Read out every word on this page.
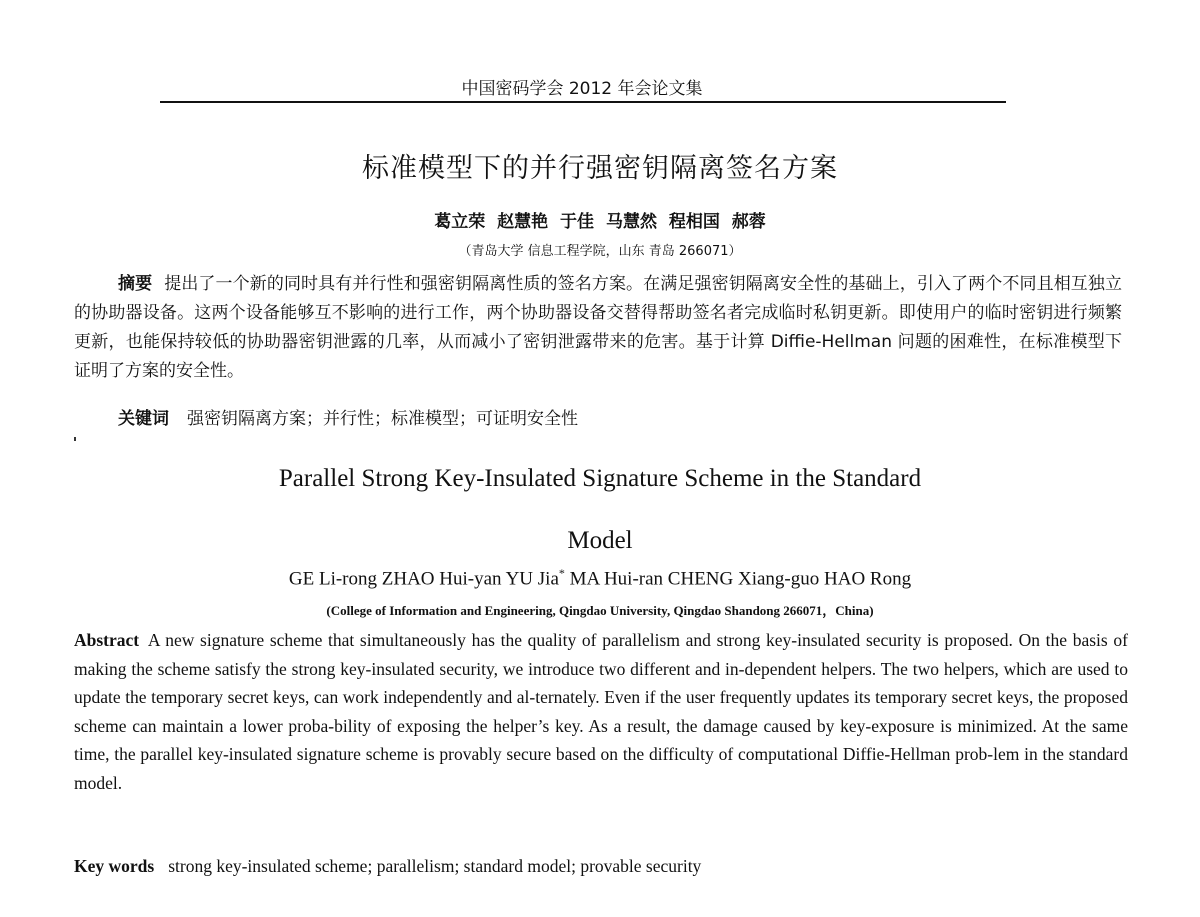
中国密码学会 2012 年会论文集
标准模型下的并行强密钥隔离签名方案
葛立荣 赵慧艳 于佳 马慧然 程相国 郝蓉
（青岛大学 信息工程学院，山东 青岛 266071）
摘要 提出了一个新的同时具有并行性和强密钥隔离性质的签名方案。在满足强密钥隔离安全性的基础上，引入了两个不同且相互独立的协助器设备。这两个设备能够互不影响的进行工作，两个协助器设备交替得帮助签名者完成临时私钥更新。即使用户的临时密钥进行频繁更新，也能保持较低的协助器密钥泄露的几率，从而减小了密钥泄露带来的危害。基于计算 Diffie-Hellman 问题的困难性，在标准模型下证明了方案的安全性。
关键词 强密钥隔离方案；并行性；标准模型；可证明安全性
Parallel Strong Key-Insulated Signature Scheme in the Standard
Model
GE Li-rong ZHAO Hui-yan YU Jia* MA Hui-ran CHENG Xiang-guo HAO Rong
(College of Information and Engineering, Qingdao University, Qingdao Shandong 266071，China)
Abstract A new signature scheme that simultaneously has the quality of parallelism and strong key-insulated security is proposed. On the basis of making the scheme satisfy the strong key-insulated security, we introduce two different and in-dependent helpers. The two helpers, which are used to update the temporary secret keys, can work independently and al-ternately. Even if the user frequently updates its temporary secret keys, the proposed scheme can maintain a lower proba-bility of exposing the helper’s key. As a result, the damage caused by key-exposure is minimized. At the same time, the parallel key-insulated signature scheme is provably secure based on the difficulty of computational Diffie-Hellman prob-lem in the standard model.
Key words strong key-insulated scheme; parallelism; standard model; provable security
